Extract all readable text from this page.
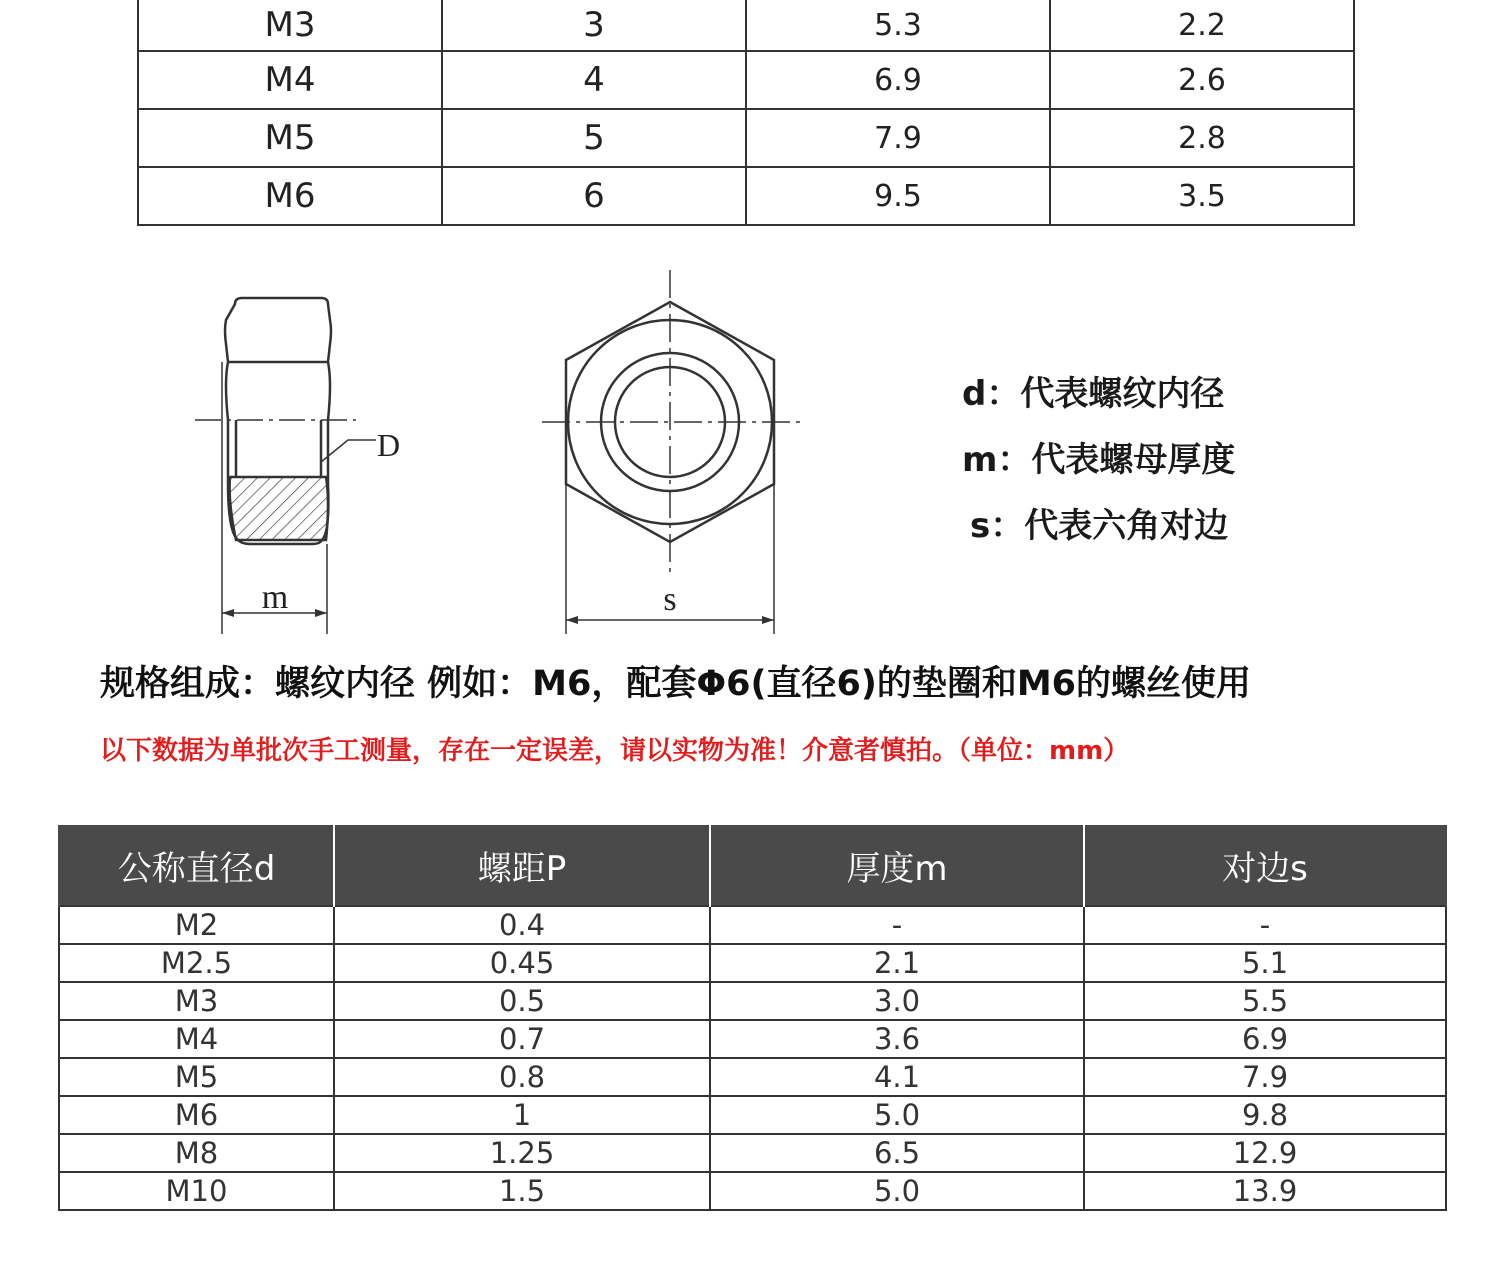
M3	3	5.3	2.2
M4	4	6.9	2.6
M5	5	7.9	2.8
M6	6	9.5	3.5
D
m	s
d：代表螺纹内径
m：代表螺母厚度
s：代表六角对边
规格组成：螺纹内径 例如：M6，配套Φ6(直径6)的垫圈和M6的螺丝使用
以下数据为单批次手工测量，存在一定误差，请以实物为准！介意者慎拍。（单位：mm）
公称直径d	螺距P	厚度m	对边s
M2	0.4	-	-
M2.5	0.45	2.1	5.1
M3	0.5	3.0	5.5
M4	0.7	3.6	6.9
M5	0.8	4.1	7.9
M6	1	5.0	9.8
M8	1.25	6.5	12.9
M10	1.5	5.0	13.9
